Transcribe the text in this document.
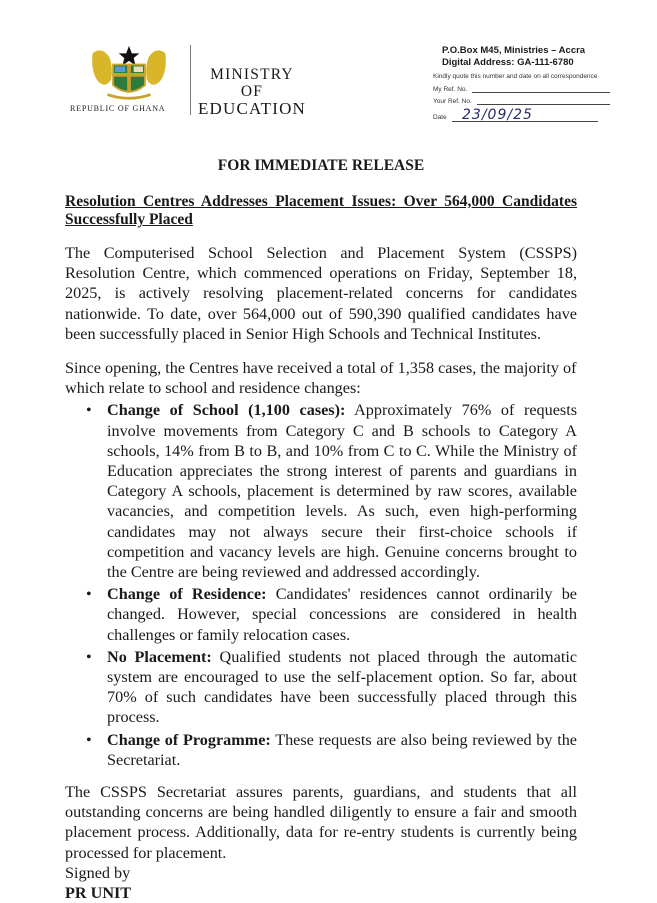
REPUBLIC OF GHANA
MINISTRY
OF
EDUCATION
P.O.Box M45, Ministries – Accra
Digital Address: GA-111-6780
Kindly quote this number and date on all correspondence
My Ref. No.
Your Ref. No.
Date 23/09/25
FOR IMMEDIATE RELEASE
Resolution Centres Addresses Placement Issues: Over 564,000 Candidates Successfully Placed
The Computerised School Selection and Placement System (CSSPS) Resolution Centre, which commenced operations on Friday, September 18, 2025, is actively resolving placement-related concerns for candidates nationwide. To date, over 564,000 out of 590,390 qualified candidates have been successfully placed in Senior High Schools and Technical Institutes.
Since opening, the Centres have received a total of 1,358 cases, the majority of which relate to school and residence changes:
• Change of School (1,100 cases): Approximately 76% of requests involve movements from Category C and B schools to Category A schools, 14% from B to B, and 10% from C to C. While the Ministry of Education appreciates the strong interest of parents and guardians in Category A schools, placement is determined by raw scores, available vacancies, and competition levels. As such, even high-performing candidates may not always secure their first-choice schools if competition and vacancy levels are high. Genuine concerns brought to the Centre are being reviewed and addressed accordingly.
• Change of Residence: Candidates' residences cannot ordinarily be changed. However, special concessions are considered in health challenges or family relocation cases.
• No Placement: Qualified students not placed through the automatic system are encouraged to use the self-placement option. So far, about 70% of such candidates have been successfully placed through this process.
• Change of Programme: These requests are also being reviewed by the Secretariat.
The CSSPS Secretariat assures parents, guardians, and students that all outstanding concerns are being handled diligently to ensure a fair and smooth placement process. Additionally, data for re-entry students is currently being processed for placement.
Signed by
PR UNIT
